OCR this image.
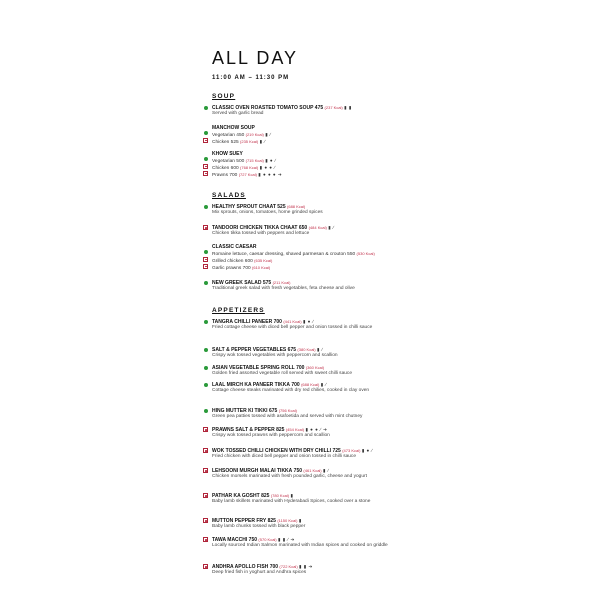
ALL DAY
11:00 AM – 11:30 PM
SOUP
CLASSIC OVEN ROASTED TOMATO SOUP 475 (237 Kcal) ▮ ▮
Served with garlic bread
MANCHOW SOUP
Vegetarian 450 (219 Kcal) ▮ ∕
Chicken 525 (235 Kcal) ▮ ∕
KHOW SUEY
Vegetarian 500 (715 Kcal) ▮ ● ∕
Chicken 600 (768 Kcal) ▮ ● ● ∕
Prawns 700 (727 Kcal) ▮ ● ● ● ➔
SALADS
HEALTHY SPROUT CHAAT 525 (688 Kcal)
Mix sprouts, onions, tomatoes, home grinded spices
TANDOORI CHICKEN TIKKA CHAAT 650 (484 Kcal) ▮ ∕
Chicken tikka tossed with peppers and lettuce
CLASSIC CAESAR
Romaine lettuce, caesar dressing, shaved parmesan & crouton 550 (530 Kcal)
Grilled chicken 600 (635 Kcal)
Garlic prawns 700 (610 Kcal)
NEW GREEK SALAD 575 (211 Kcal)
Traditional greek salad with fresh vegetables, feta cheese and olive
APPETIZERS
TANGRA CHILLI PANEER 700 (441 Kcal) ▮ ● ∕
Fried cottage cheese with diced bell pepper and onion tossed in chilli sauce
SALT & PEPPER VEGETABLES 675 (380 Kcal) ▮ ∕
Crispy wok tossed vegetables with peppercorn and scallion
ASIAN VEGETABLE SPRING ROLL 700 (360 Kcal)
Golden fried assorted vegetable roll served with sweet chilli sauce
LAAL MIRCH KA PANEER TIKKA 700 (688 Kcal) ▮ ∕
Cottage cheese steaks marinated with dry red chilies, cooked in clay oven
HING MUTTER KI TIKKI 675 (756 Kcal)
Green pea patties tossed with asafoetida and served with mint chutney
PRAWNS SALT & PEPPER 825 (454 Kcal) ▮ ● ● ∕ ➔
Crispy wok tossed prawns with peppercorn and scallion
WOK TOSSED CHILLI CHICKEN WITH DRY CHILLI 725 (473 Kcal) ▮ ● ∕
Fried chicken with diced bell pepper and onion tossed in chilli sauce
LEHSOONI MURGH MALAI TIKKA 750 (461 Kcal) ▮ ∕
Chicken morsels marinated with fresh pounded garlic, cheese and yogurt
PATHAR KA GOSHT 825 (780 Kcal) ▮
Baby lamb skillets marinated with Hyderabadi Spices, cooked over a stone
MUTTON PEPPER FRY 825 (1150 Kcal) ▮
Baby lamb chunks tossed with black pepper
TAWA MACCHI 750 (570 Kcal) ▮ ▮ ∕ ➔
Locally sourced Indian Salmon marinated with Indian spices and cooked on griddle
ANDHRA APOLLO FISH 700 (722 Kcal) ▮ ▮ ➔
Deep fried fish in yoghurt and Andhra spices
